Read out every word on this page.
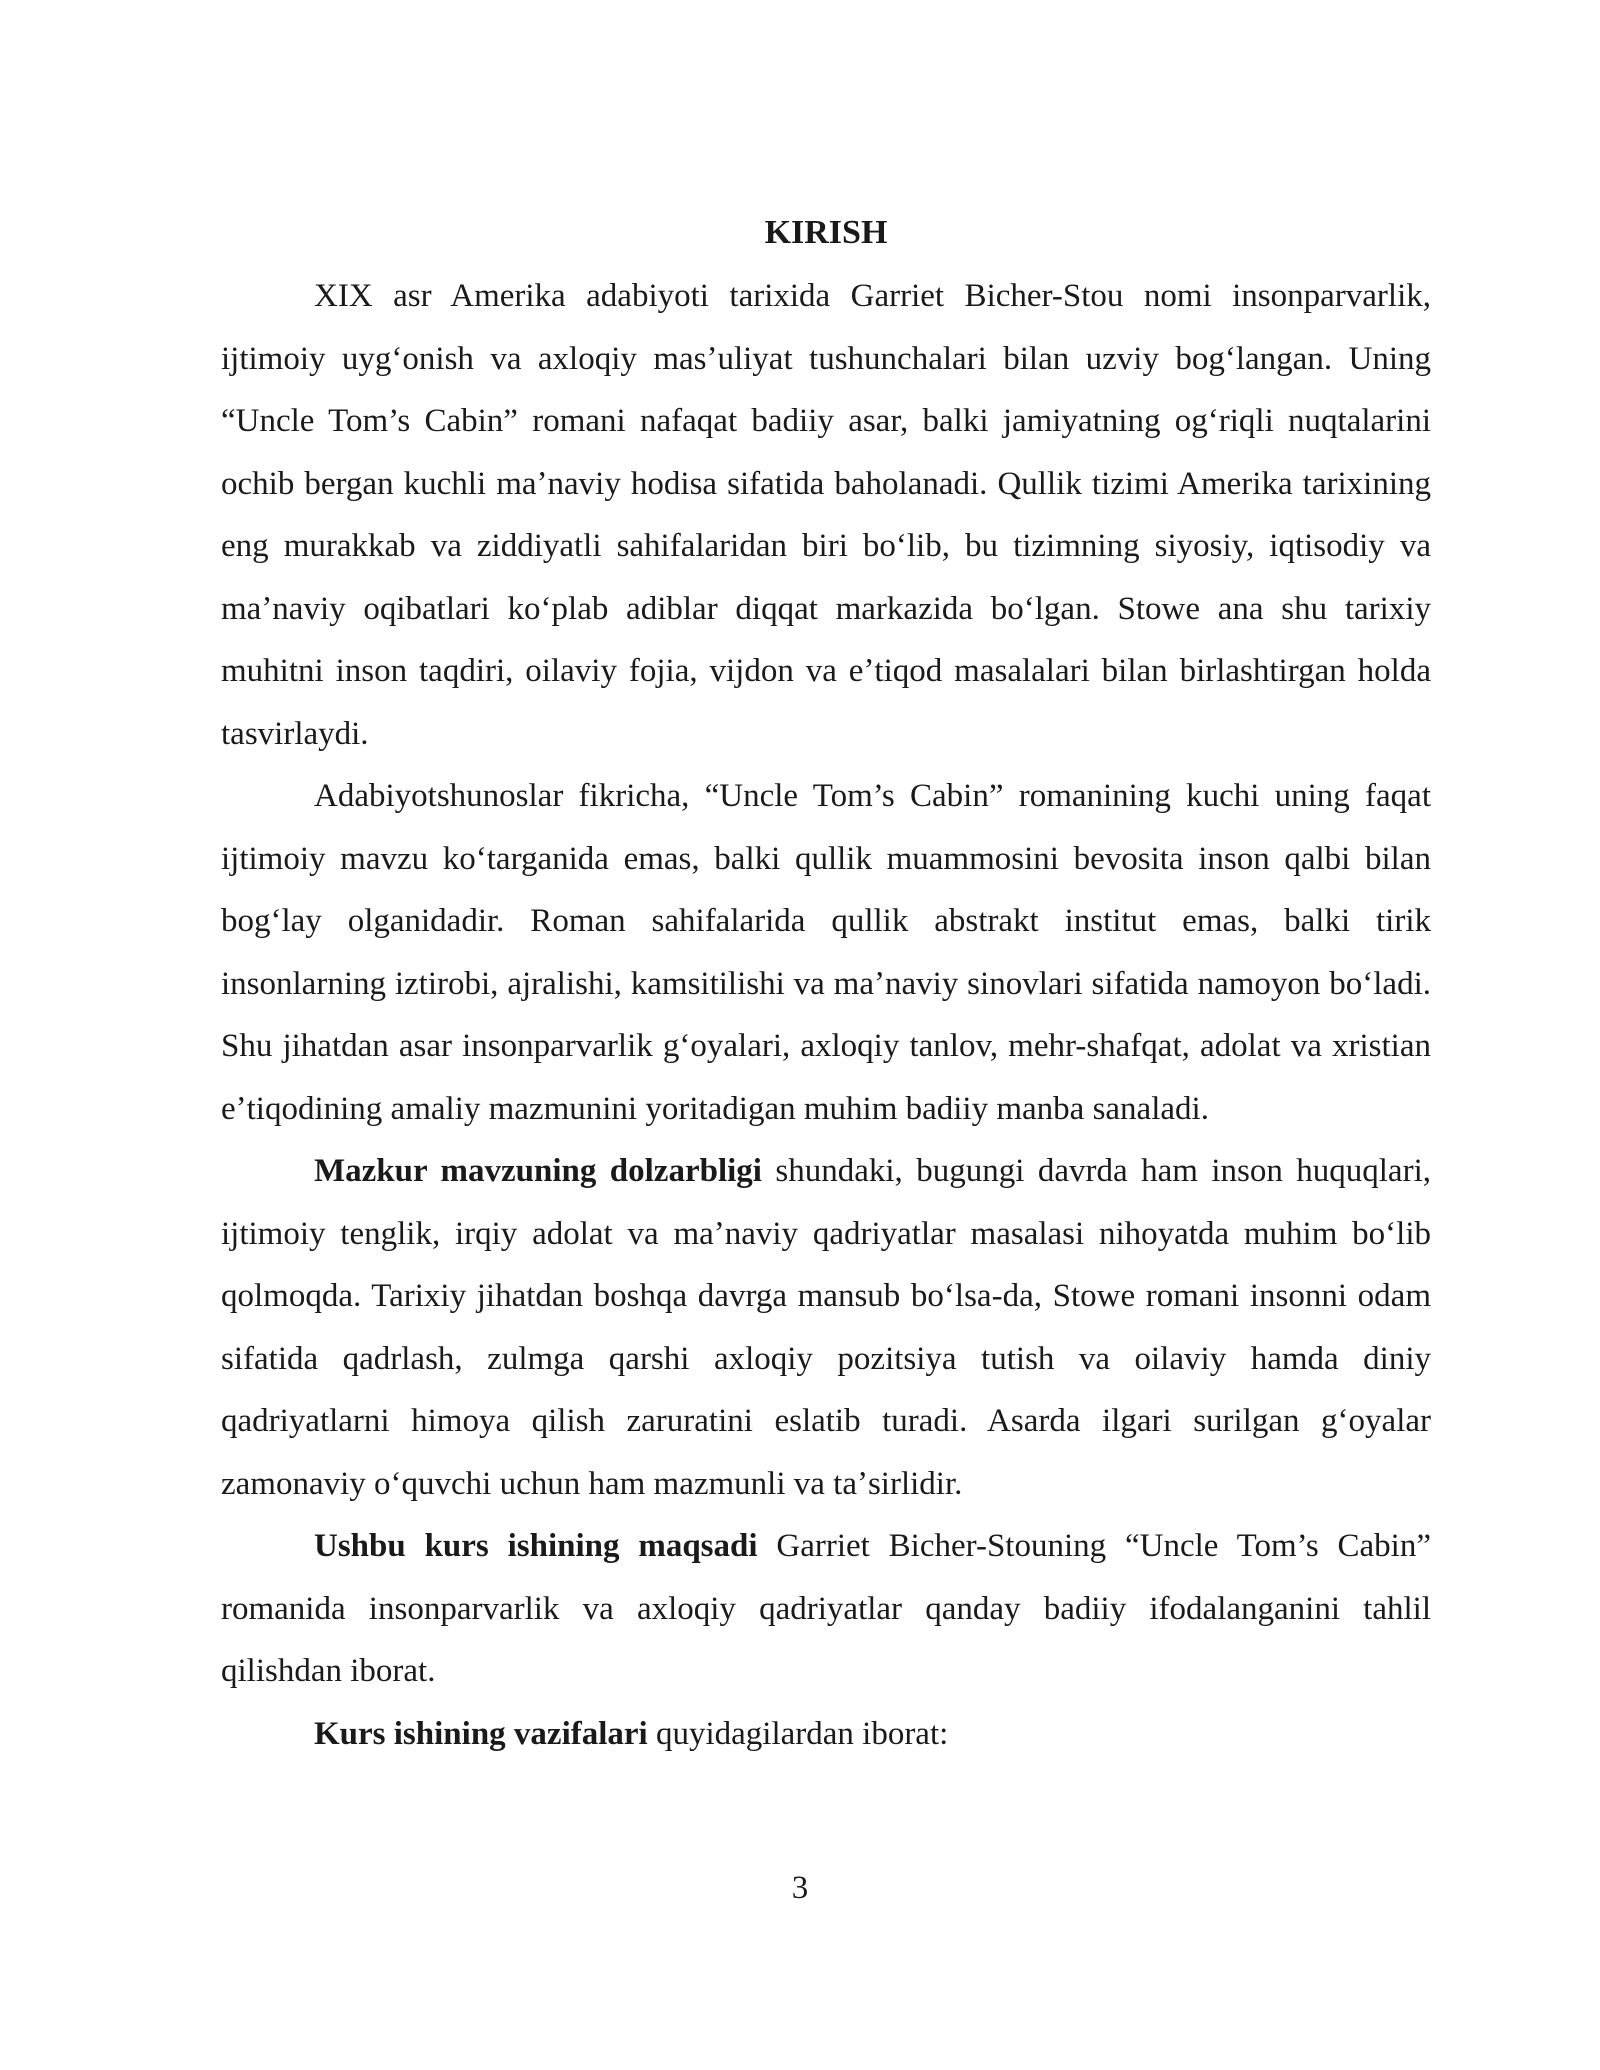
KIRISH

XIX asr Amerika adabiyoti tarixida Garriet Bicher-Stou nomi insonparvarlik, ijtimoiy uygʻonish va axloqiy masʼuliyat tushunchalari bilan uzviy bogʻlangan. Uning “Uncle Tom’s Cabin” romani nafaqat badiiy asar, balki jamiyatning ogʻriqli nuqtalarini ochib bergan kuchli maʼnaviy hodisa sifatida baholanadi. Qullik tizimi Amerika tarixining eng murakkab va ziddiyatli sahifalaridan biri boʻlib, bu tizimning siyosiy, iqtisodiy va maʼnaviy oqibatlari koʻplab adiblar diqqat markazida boʻlgan. Stowe ana shu tarixiy muhitni inson taqdiri, oilaviy fojia, vijdon va eʼtiqod masalalari bilan birlashtirgan holda tasvirlaydi.

Adabiyotshunoslar fikricha, “Uncle Tom’s Cabin” romanining kuchi uning faqat ijtimoiy mavzu koʻtarganida emas, balki qullik muammosini bevosita inson qalbi bilan bogʻlay olganidadir. Roman sahifalarida qullik abstrakt institut emas, balki tirik insonlarning iztirobi, ajralishi, kamsitilishi va maʼnaviy sinovlari sifatida namoyon boʻladi. Shu jihatdan asar insonparvarlik gʻoyalari, axloqiy tanlov, mehr-shafqat, adolat va xristian eʼtiqodining amaliy mazmunini yoritadigan muhim badiiy manba sanaladi.

Mazkur mavzuning dolzarbligi shundaki, bugungi davrda ham inson huquqlari, ijtimoiy tenglik, irqiy adolat va maʼnaviy qadriyatlar masalasi nihoyatda muhim boʻlib qolmoqda. Tarixiy jihatdan boshqa davrga mansub boʻlsa-da, Stowe romani insonni odam sifatida qadrlash, zulmga qarshi axloqiy pozitsiya tutish va oilaviy hamda diniy qadriyatlarni himoya qilish zaruratini eslatib turadi. Asarda ilgari surilgan gʻoyalar zamonaviy oʻquvchi uchun ham mazmunli va taʼsirlidir.

Ushbu kurs ishining maqsadi Garriet Bicher-Stouning “Uncle Tom’s Cabin” romanida insonparvarlik va axloqiy qadriyatlar qanday badiiy ifodalanganini tahlil qilishdan iborat.

Kurs ishining vazifalari quyidagilardan iborat:

3
